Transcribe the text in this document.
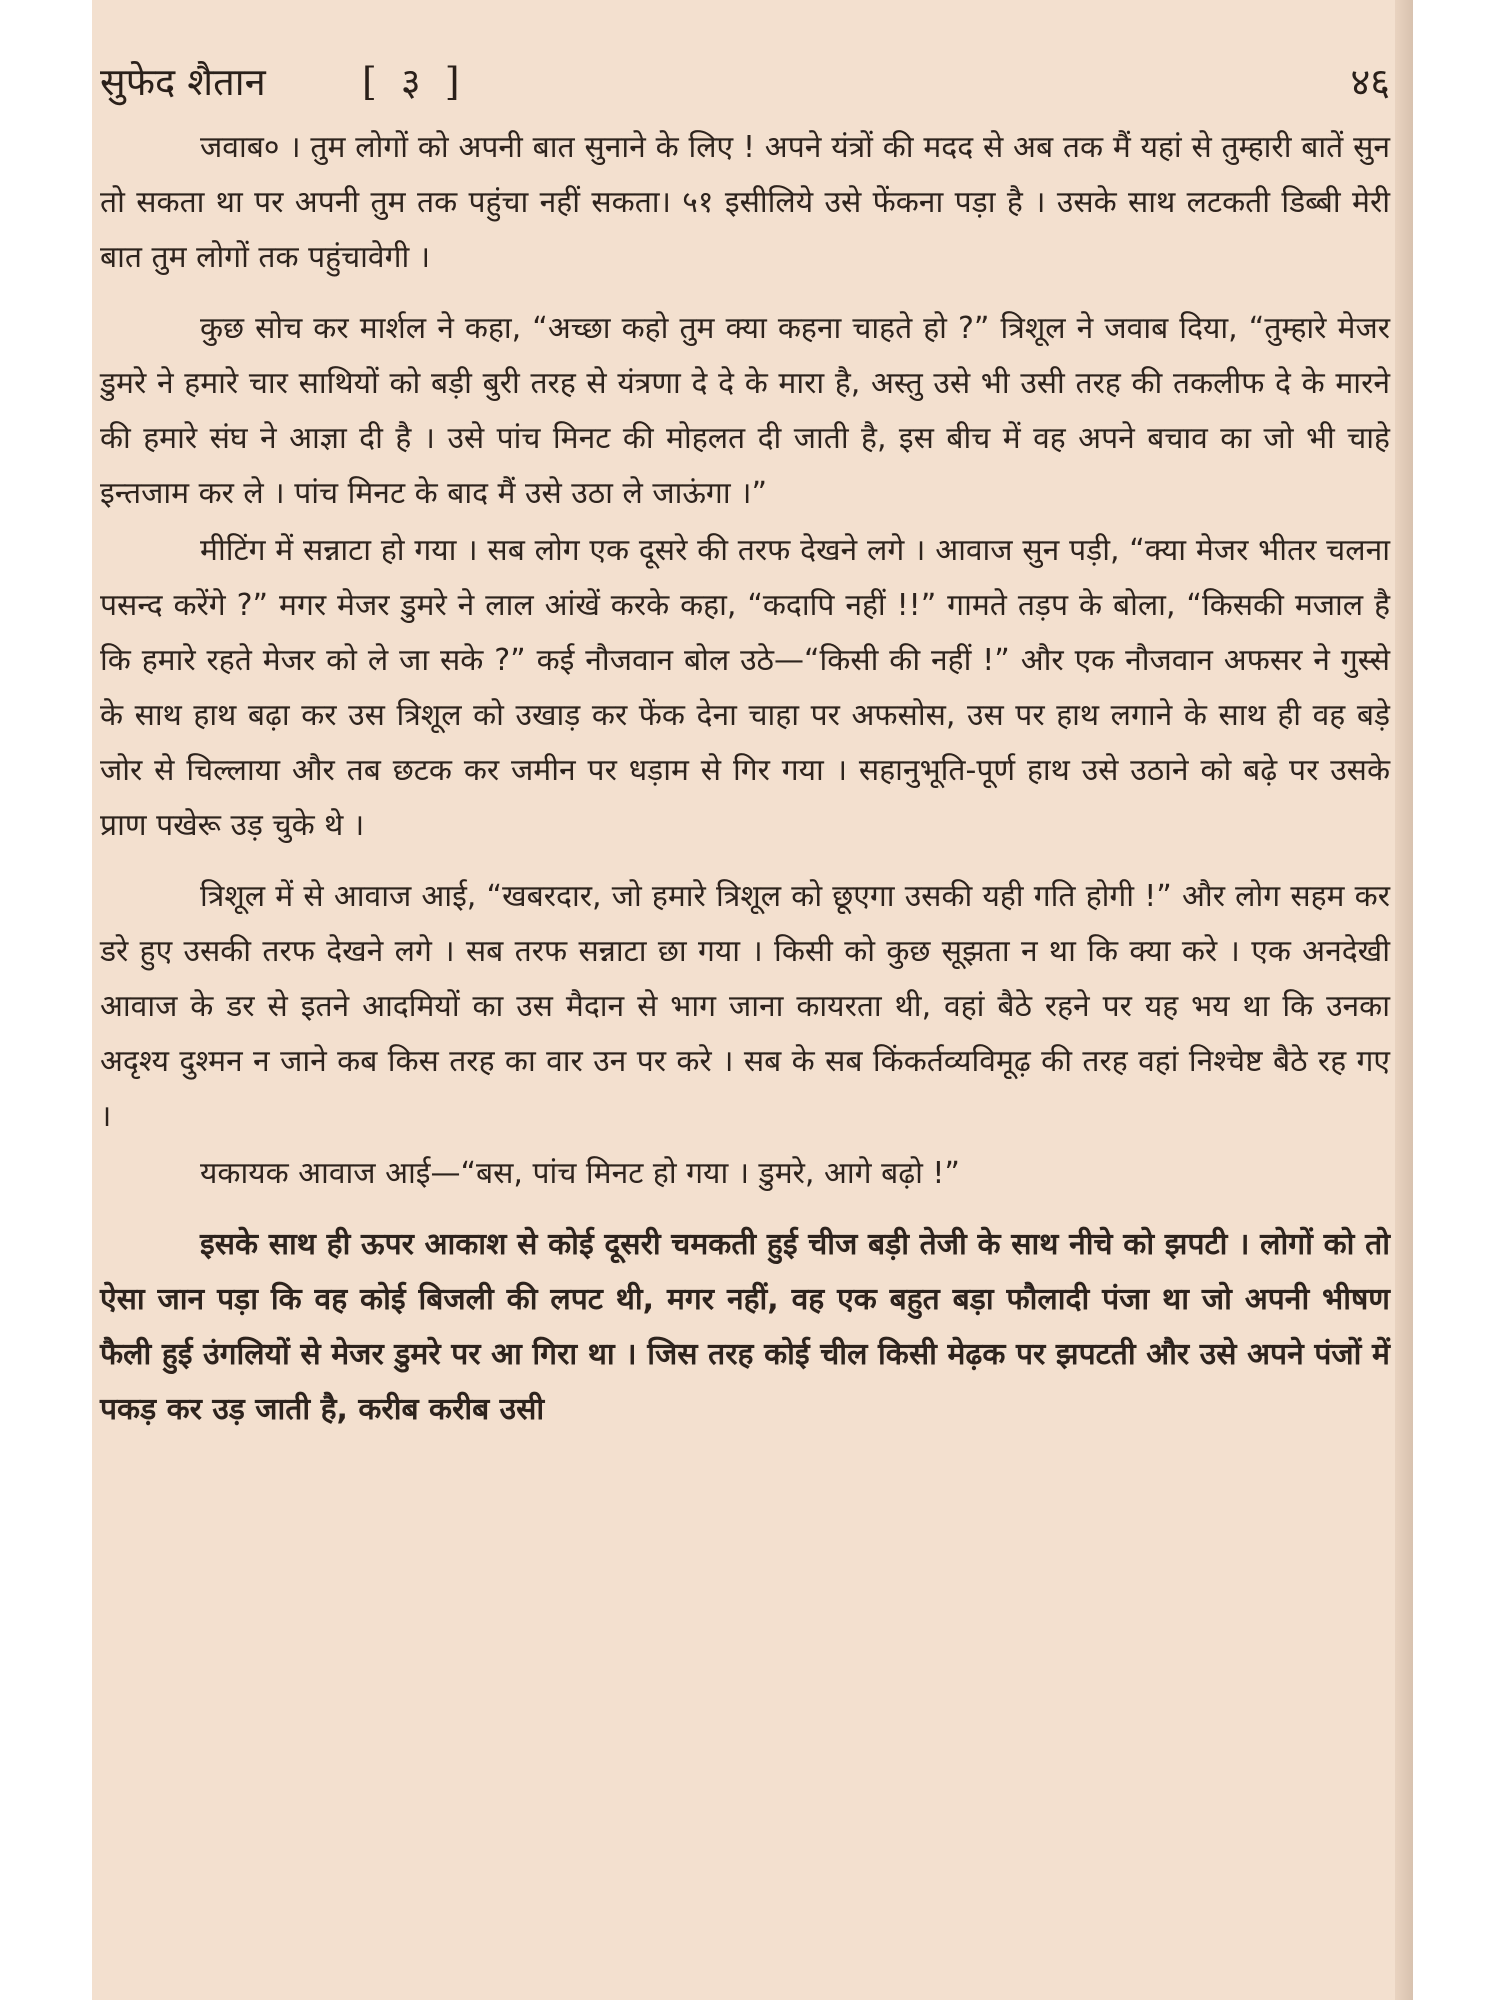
सुफेद शैतान	[ ३ ]	४६

जवाब० । तुम लोगों को अपनी बात सुनाने के लिए ! अपने यंत्रों की मदद से अब तक मैं यहां से तुम्हारी बातें सुन तो सकता था पर अपनी तुम तक पहुंचा नहीं सकता। ५१ इसीलिये उसे फेंकना पड़ा है । उसके साथ लटकती डिब्बी मेरी बात तुम लोगों तक पहुंचावेगी ।

कुछ सोच कर मार्शल ने कहा, “अच्छा कहो तुम क्या कहना चाहते हो ?” त्रिशूल ने जवाब दिया, “तुम्हारे मेजर डुमरे ने हमारे चार साथियों को बड़ी बुरी तरह से यंत्रणा दे दे के मारा है, अस्तु उसे भी उसी तरह की तकलीफ दे के मारने की हमारे संघ ने आज्ञा दी है । उसे पांच मिनट की मोहलत दी जाती है, इस बीच में वह अपने बचाव का जो भी चाहे इन्तजाम कर ले । पांच मिनट के बाद मैं उसे उठा ले जाऊंगा ।”

मीटिंग में सन्नाटा हो गया । सब लोग एक दूसरे की तरफ देखने लगे । आवाज सुन पड़ी, “क्या मेजर भीतर चलना पसन्द करेंगे ?” मगर मेजर डुमरे ने लाल आंखें करके कहा, “कदापि नहीं !!” गामते तड़प के बोला, “किसकी मजाल है कि हमारे रहते मेजर को ले जा सके ?” कई नौजवान बोल उठे—“किसी की नहीं !” और एक नौजवान अफसर ने गुस्से के साथ हाथ बढ़ा कर उस त्रिशूल को उखाड़ कर फेंक देना चाहा पर अफसोस, उस पर हाथ लगाने के साथ ही वह बड़े जोर से चिल्लाया और तब छटक कर जमीन पर धड़ाम से गिर गया । सहानुभूति-पूर्ण हाथ उसे उठाने को बढ़े पर उसके प्राण पखेरू उड़ चुके थे ।

त्रिशूल में से आवाज आई, “खबरदार, जो हमारे त्रिशूल को छूएगा उसकी यही गति होगी !” और लोग सहम कर डरे हुए उसकी तरफ देखने लगे । सब तरफ सन्नाटा छा गया । किसी को कुछ सूझता न था कि क्या करे । एक अनदेखी आवाज के डर से इतने आदमियों का उस मैदान से भाग जाना कायरता थी, वहां बैठे रहने पर यह भय था कि उनका अदृश्य दुश्मन न जाने कब किस तरह का वार उन पर करे । सब के सब किंकर्तव्यविमूढ़ की तरह वहां निश्चेष्ट बैठे रह गए ।

यकायक आवाज आई—“बस, पांच मिनट हो गया । डुमरे, आगे बढ़ो !”

इसके साथ ही ऊपर आकाश से कोई दूसरी चमकती हुई चीज बड़ी तेजी के साथ नीचे को झपटी । लोगों को तो ऐसा जान पड़ा कि वह कोई बिजली की लपट थी, मगर नहीं, वह एक बहुत बड़ा फौलादी पंजा था जो अपनी भीषण फैली हुई उंगलियों से मेजर डुमरे पर आ गिरा था । जिस तरह कोई चील किसी मेढ़क पर झपटती और उसे अपने पंजों में पकड़ कर उड़ जाती है, करीब करीब उसी
